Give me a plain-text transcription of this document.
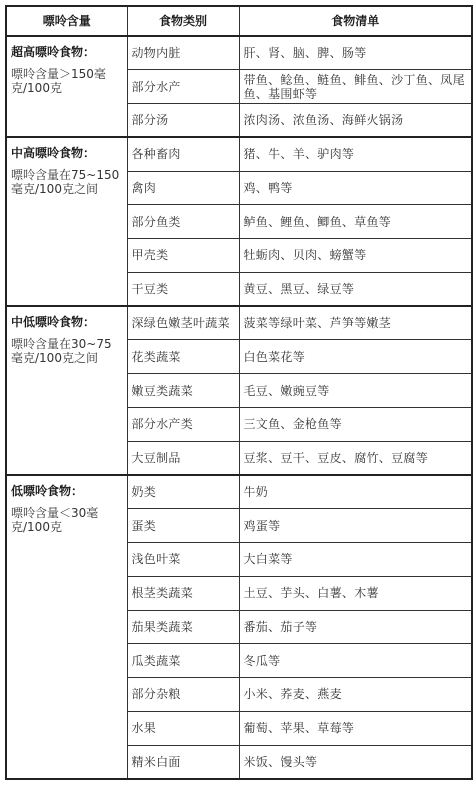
嘌呤含量	食物类别	食物清单

超高嘌呤食物：
嘌呤含量＞150毫克/100克	动物内脏	肝、肾、脑、脾、肠等
	部分水产	带鱼、鲶鱼、鲢鱼、鲱鱼、沙丁鱼、凤尾鱼、基围虾等
	部分汤	浓肉汤、浓鱼汤、海鲜火锅汤

中高嘌呤食物：
嘌呤含量在75~150毫克/100克之间	各种畜肉	猪、牛、羊、驴肉等
	禽肉	鸡、鸭等
	部分鱼类	鲈鱼、鲤鱼、鲫鱼、草鱼等
	甲壳类	牡蛎肉、贝肉、螃蟹等
	干豆类	黄豆、黑豆、绿豆等

中低嘌呤食物：
嘌呤含量在30~75毫克/100克之间	深绿色嫩茎叶蔬菜	菠菜等绿叶菜、芦笋等嫩茎
	花类蔬菜	白色菜花等
	嫩豆类蔬菜	毛豆、嫩豌豆等
	部分水产类	三文鱼、金枪鱼等
	大豆制品	豆浆、豆干、豆皮、腐竹、豆腐等

低嘌呤食物：
嘌呤含量＜30毫克/100克	奶类	牛奶
	蛋类	鸡蛋等
	浅色叶菜	大白菜等
	根茎类蔬菜	土豆、芋头、白薯、木薯
	茄果类蔬菜	番茄、茄子等
	瓜类蔬菜	冬瓜等
	部分杂粮	小米、荞麦、燕麦
	水果	葡萄、苹果、草莓等
	精米白面	米饭、馒头等
